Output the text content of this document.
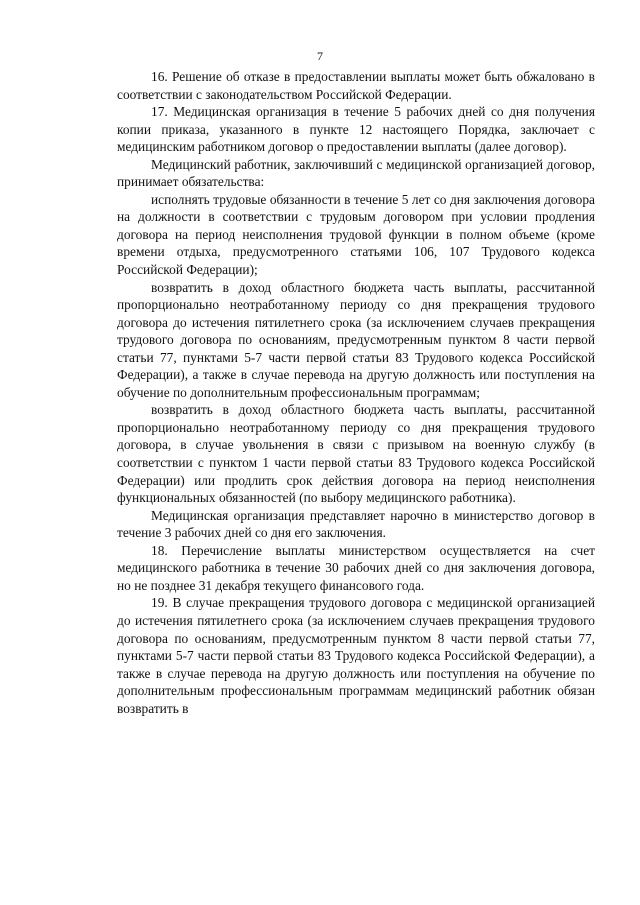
7

16. Решение об отказе в предоставлении выплаты может быть обжаловано в соответствии с законодательством Российской Федерации.

17. Медицинская организация в течение 5 рабочих дней со дня получения копии приказа, указанного в пункте 12 настоящего Порядка, заключает с медицинским работником договор о предоставлении выплаты (далее договор).

Медицинский работник, заключивший с медицинской организацией договор, принимает обязательства:

исполнять трудовые обязанности в течение 5 лет со дня заключения договора на должности в соответствии с трудовым договором при условии продления договора на период неисполнения трудовой функции в полном объеме (кроме времени отдыха, предусмотренного статьями 106, 107 Трудового кодекса Российской Федерации);

возвратить в доход областного бюджета часть выплаты, рассчитанной пропорционально неотработанному периоду со дня прекращения трудового договора до истечения пятилетнего срока (за исключением случаев прекращения трудового договора по основаниям, предусмотренным пунктом 8 части первой статьи 77, пунктами 5-7 части первой статьи 83 Трудового кодекса Российской Федерации), а также в случае перевода на другую должность или поступления на обучение по дополнительным профессиональным программам;

возвратить в доход областного бюджета часть выплаты, рассчитанной пропорционально неотработанному периоду со дня прекращения трудового договора, в случае увольнения в связи с призывом на военную службу (в соответствии с пунктом 1 части первой статьи 83 Трудового кодекса Российской Федерации) или продлить срок действия договора на период неисполнения функциональных обязанностей (по выбору медицинского работника).

Медицинская организация представляет нарочно в министерство договор в течение 3 рабочих дней со дня его заключения.

18. Перечисление выплаты министерством осуществляется на счет медицинского работника в течение 30 рабочих дней со дня заключения договора, но не позднее 31 декабря текущего финансового года.

19. В случае прекращения трудового договора с медицинской организацией до истечения пятилетнего срока (за исключением случаев прекращения трудового договора по основаниям, предусмотренным пунктом 8 части первой статьи 77, пунктами 5-7 части первой статьи 83 Трудового кодекса Российской Федерации), а также в случае перевода на другую должность или поступления на обучение по дополнительным профессиональным программам медицинский работник обязан возвратить в
